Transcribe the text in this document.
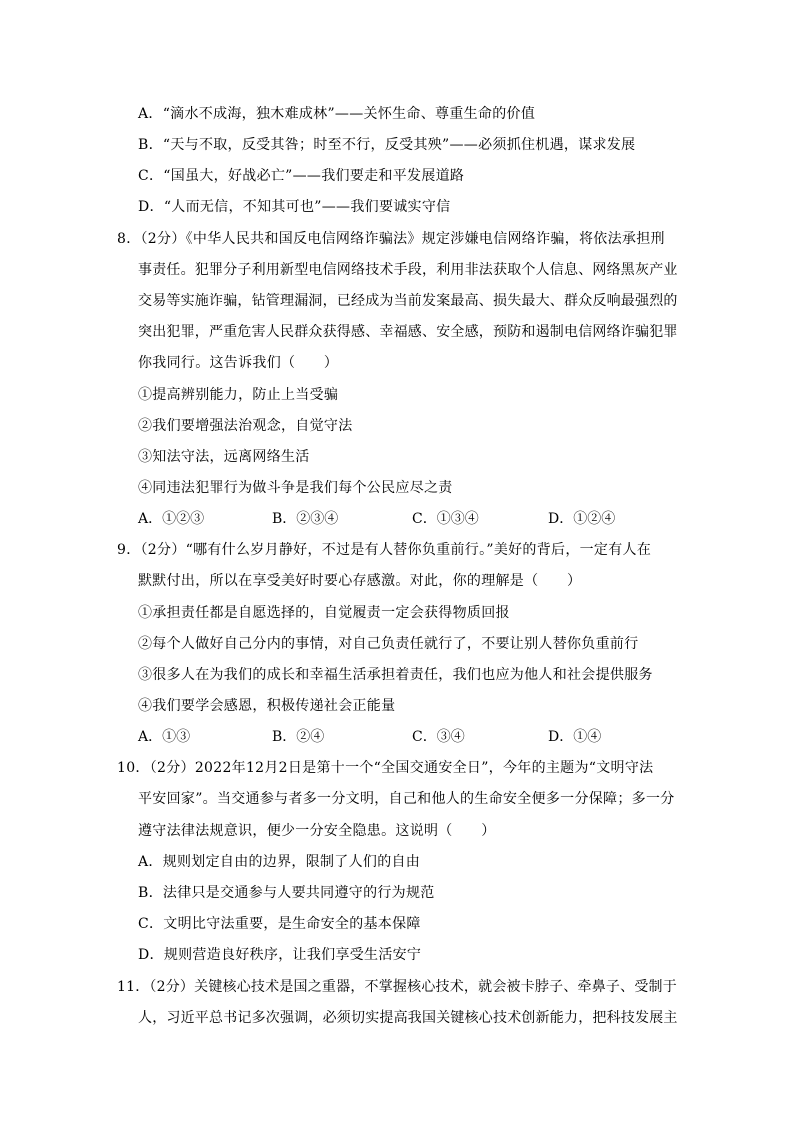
A．“滴水不成海，独木难成林”——关怀生命、尊重生命的价值
B．“天与不取，反受其咎；时至不行，反受其殃”——必须抓住机遇，谋求发展
C．“国虽大，好战必亡”——我们要走和平发展道路
D．“人而无信，不知其可也”——我们要诚实守信
8．（2分）《中华人民共和国反电信网络诈骗法》规定涉嫌电信网络诈骗，将依法承担刑
事责任。犯罪分子利用新型电信网络技术手段，利用非法获取个人信息、网络黑灰产业
交易等实施诈骗，钻管理漏洞，已经成为当前发案最高、损失最大、群众反响最强烈的
突出犯罪，严重危害人民群众获得感、幸福感、安全感，预防和遏制电信网络诈骗犯罪
你我同行。这告诉我们（　　）
①提高辨别能力，防止上当受骗
②我们要增强法治观念，自觉守法
③知法守法，远离网络生活
④同违法犯罪行为做斗争是我们每个公民应尽之责
A．①②③	B．②③④	C．①③④	D．①②④
9．（2分）“哪有什么岁月静好，不过是有人替你负重前行。”美好的背后，一定有人在
默默付出，所以在享受美好时要心存感激。对此，你的理解是（　　）
①承担责任都是自愿选择的，自觉履责一定会获得物质回报
②每个人做好自己分内的事情，对自己负责任就行了，不要让别人替你负重前行
③很多人在为我们的成长和幸福生活承担着责任，我们也应为他人和社会提供服务
④我们要学会感恩，积极传递社会正能量
A．①③	B．②④	C．③④	D．①④
10．（2分）2022年12月2日是第十一个“全国交通安全日”，今年的主题为“文明守法
平安回家”。当交通参与者多一分文明，自己和他人的生命安全便多一分保障；多一分
遵守法律法规意识，便少一分安全隐患。这说明（　　）
A．规则划定自由的边界，限制了人们的自由
B．法律只是交通参与人要共同遵守的行为规范
C．文明比守法重要，是生命安全的基本保障
D．规则营造良好秩序，让我们享受生活安宁
11．（2分）关键核心技术是国之重器，不掌握核心技术，就会被卡脖子、牵鼻子、受制于
人，习近平总书记多次强调，必须切实提高我国关键核心技术创新能力，把科技发展主
